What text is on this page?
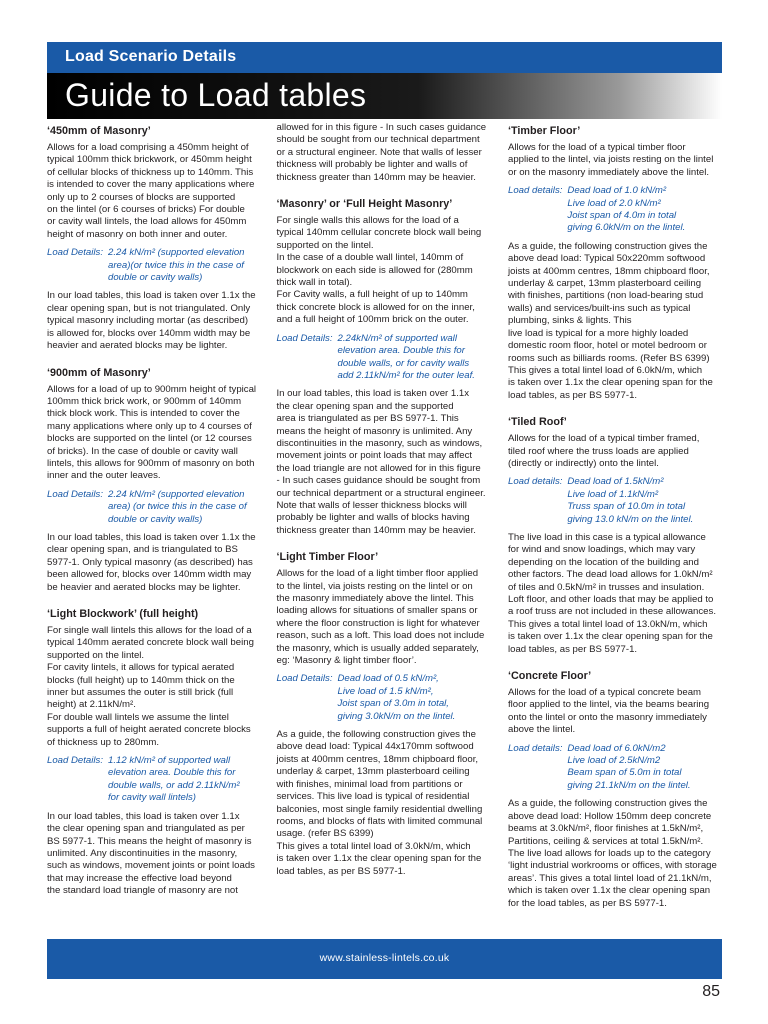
Load Scenario Details
Guide to Load tables
‘450mm of Masonry’

Allows for a load comprising a 450mm height of
typical 100mm thick brickwork, or 450mm height
of cellular blocks of thickness up to 140mm. This
is intended to cover the many applications where
only up to 2 courses of blocks are supported
on the lintel (or 6 courses of bricks) For double
or cavity wall lintels, the load allows for 450mm
height of masonry on both inner and outer.

Load Details: 2.24 kN/m² (supported elevation
area)(or twice this in the case of
double or cavity walls)

In our load tables, this load is taken over 1.1x the
clear opening span, but is not triangulated. Only
typical masonry including mortar (as described)
is allowed for, blocks over 140mm width may be
heavier and aerated blocks may be lighter.

‘900mm of Masonry’

Allows for a load of up to 900mm height of typical
100mm thick brick work, or 900mm of 140mm
thick block work. This is intended to cover the
many applications where only up to 4 courses of
blocks are supported on the lintel (or 12 courses
of bricks). In the case of double or cavity wall
lintels, this allows for 900mm of masonry on both
inner and the outer leaves.

Load Details: 2.24 kN/m² (supported elevation
area) (or twice this in the case of
double or cavity walls)

In our load tables, this load is taken over 1.1x the
clear opening span, and is triangulated to BS
5977-1. Only typical masonry (as described) has
been allowed for, blocks over 140mm width may
be heavier and aerated blocks may be lighter.

‘Light Blockwork’ (full height)

For single wall lintels this allows for the load of a
typical 140mm aerated concrete block wall being
supported on the lintel.
For cavity lintels, it allows for typical aerated
blocks (full height) up to 140mm thick on the
inner but assumes the outer is still brick (full
height) at 2.11kN/m².
For double wall lintels we assume the lintel
supports a full of height aerated concrete blocks
of thickness up to 280mm.

Load Details: 1.12 kN/m² of supported wall
elevation area. Double this for
double walls, or add 2.11kN/m²
for cavity wall lintels)

In our load tables, this load is taken over 1.1x
the clear opening span and triangulated as per
BS 5977-1. This means the height of masonry is
unlimited. Any discontinuities in the masonry,
such as windows, movement joints or point loads
that may increase the effective load beyond
the standard load triangle of masonry are not

allowed for in this figure - In such cases guidance
should be sought from our technical department
or a structural engineer. Note that walls of lesser
thickness will probably be lighter and walls of
thickness greater than 140mm may be heavier.

‘Masonry’ or ‘Full Height Masonry’

For single walls this allows for the load of a
typical 140mm cellular concrete block wall being
supported on the lintel.
In the case of a double wall lintel, 140mm of
blockwork on each side is allowed for (280mm
thick wall in total).
For Cavity walls, a full height of up to 140mm
thick concrete block is allowed for on the inner,
and a full height of 100mm brick on the outer.

Load Details: 2.24kN/m² of supported wall
elevation area. Double this for
double walls, or for cavity walls
add 2.11kN/m² for the outer leaf.

In our load tables, this load is taken over 1.1x
the clear opening span and the supported
area is triangulated as per BS 5977-1. This
means the height of masonry is unlimited. Any
discontinuities in the masonry, such as windows,
movement joints or point loads that may affect
the load triangle are not allowed for in this figure
- In such cases guidance should be sought from
our technical department or a structural engineer.
Note that walls of lesser thickness blocks will
probably be lighter and walls of blocks having
thickness greater than 140mm may be heavier.

‘Light Timber Floor’

Allows for the load of a light timber floor applied
to the lintel, via joists resting on the lintel or on
the masonry immediately above the lintel. This
loading allows for situations of smaller spans or
where the floor construction is light for whatever
reason, such as a loft. This load does not include
the masonry, which is usually added separately,
eg: ‘Masonry & light timber floor’.

Load Details: Dead load of 0.5 kN/m²,
Live load of 1.5 kN/m²,
Joist span of 3.0m in total,
giving 3.0kN/m on the lintel.

As a guide, the following construction gives the
above dead load: Typical 44x170mm softwood
joists at 400mm centres, 18mm chipboard floor,
underlay & carpet, 13mm plasterboard ceiling
with finishes, minimal load from partitions or
services. This live load is typical of residential
balconies, most single family residential dwelling
rooms, and blocks of flats with limited communal
usage. (refer BS 6399)
This gives a total lintel load of 3.0kN/m, which
is taken over 1.1x the clear opening span for the
load tables, as per BS 5977-1.

‘Timber Floor’

Allows for the load of a typical timber floor
applied to the lintel, via joists resting on the lintel
or on the masonry immediately above the lintel.

Load details: Dead load of 1.0 kN/m²
Live load of 2.0 kN/m²
Joist span of 4.0m in total
giving 6.0kN/m on the lintel.

As a guide, the following construction gives the
above dead load: Typical 50x220mm softwood
joists at 400mm centres, 18mm chipboard floor,
underlay & carpet, 13mm plasterboard ceiling
with finishes, partitions (non load-bearing stud
walls) and services/built-ins such as typical
plumbing, sinks & lights. This
live load is typical for a more highly loaded
domestic room floor, hotel or motel bedroom or
rooms such as billiards rooms. (Refer BS 6399)
This gives a total lintel load of 6.0kN/m, which
is taken over 1.1x the clear opening span for the
load tables, as per BS 5977-1.

‘Tiled Roof’

Allows for the load of a typical timber framed,
tiled roof where the truss loads are applied
(directly or indirectly) onto the lintel.

Load details: Dead load of 1.5kN/m²
Live load of 1.1kN/m²
Truss span of 10.0m in total
giving 13.0 kN/m on the lintel.

The live load in this case is a typical allowance
for wind and snow loadings, which may vary
depending on the location of the building and
other factors. The dead load allows for 1.0kN/m²
of tiles and 0.5kN/m² in trusses and insulation.
Loft floor, and other loads that may be applied to
a roof truss are not included in these allowances.
This gives a total lintel load of 13.0kN/m, which
is taken over 1.1x the clear opening span for the
load tables, as per BS 5977-1.

‘Concrete Floor’

Allows for the load of a typical concrete beam
floor applied to the lintel, via the beams bearing
onto the lintel or onto the masonry immediately
above the lintel.

Load details: Dead load of 6.0kN/m2
Live load of 2.5kN/m2
Beam span of 5.0m in total
giving 21.1kN/m on the lintel.

As a guide, the following construction gives the
above dead load: Hollow 150mm deep concrete
beams at 3.0kN/m², floor finishes at 1.5kN/m²,
Partitions, ceiling & services at total 1.5kN/m².
The live load allows for loads up to the category
‘light industrial workrooms or offices, with storage
areas’. This gives a total lintel load of 21.1kN/m,
which is taken over 1.1x the clear opening span
for the load tables, as per BS 5977-1.

www.stainless-lintels.co.uk
85
